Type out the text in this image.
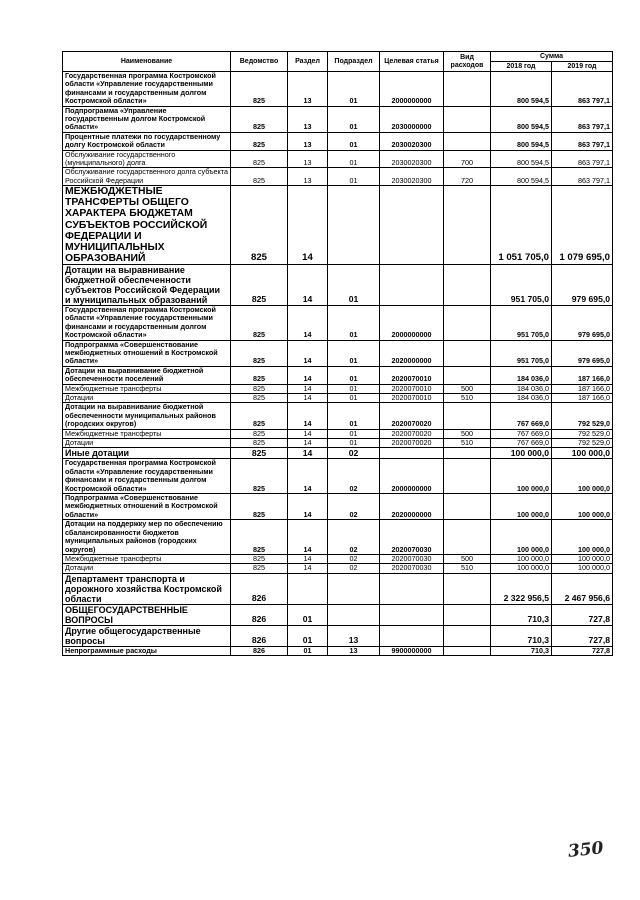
Наименование	Ведомство	Раздел	Подраздел	Целевая статья	Вид расходов	Сумма	
						2018 год	2019 год
Государственная программа Костромской области «Управление государственными финансами и государственным долгом Костромской области»	825	13	01	2000000000		800 594,5	863 797,1
Подпрограмма «Управление государственным долгом Костромской области»	825	13	01	2030000000		800 594,5	863 797,1
Процентные платежи по государственному долгу Костромской области	825	13	01	2030020300		800 594,5	863 797,1
Обслуживание государственного (муниципального) долга	825	13	01	2030020300	700	800 594,5	863 797,1
Обслуживание государственного долга субъекта Российской Федерации	825	13	01	2030020300	720	800 594,5	863 797,1
МЕЖБЮДЖЕТНЫЕ ТРАНСФЕРТЫ ОБЩЕГО ХАРАКТЕРА БЮДЖЕТАМ СУБЪЕКТОВ РОССИЙСКОЙ ФЕДЕРАЦИИ И МУНИЦИПАЛЬНЫХ ОБРАЗОВАНИЙ	825	14				1 051 705,0	1 079 695,0
Дотации на выравнивание бюджетной обеспеченности субъектов Российской Федерации и муниципальных образований	825	14	01			951 705,0	979 695,0
Государственная программа Костромской области «Управление государственными финансами и государственным долгом Костромской области»	825	14	01	2000000000		951 705,0	979 695,0
Подпрограмма «Совершенствование межбюджетных отношений в Костромской области»	825	14	01	2020000000		951 705,0	979 695,0
Дотации на выравнивание бюджетной обеспеченности поселений	825	14	01	2020070010		184 036,0	187 166,0
Межбюджетные трансферты	825	14	01	2020070010	500	184 036,0	187 166,0
Дотации	825	14	01	2020070010	510	184 036,0	187 166,0
Дотации на выравнивание бюджетной обеспеченности муниципальных районов (городских округов)	825	14	01	2020070020		767 669,0	792 529,0
Межбюджетные трансферты	825	14	01	2020070020	500	767 669,0	792 529,0
Дотации	825	14	01	2020070020	510	767 669,0	792 529,0
Иные дотации	825	14	02			100 000,0	100 000,0
Государственная программа Костромской области «Управление государственными финансами и государственным долгом Костромской области»	825	14	02	2000000000		100 000,0	100 000,0
Подпрограмма «Совершенствование межбюджетных отношений в Костромской области»	825	14	02	2020000000		100 000,0	100 000,0
Дотации на поддержку мер по обеспечению сбалансированности бюджетов муниципальных районов (городских округов)	825	14	02	2020070030		100 000,0	100 000,0
Межбюджетные трансферты	825	14	02	2020070030	500	100 000,0	100 000,0
Дотации	825	14	02	2020070030	510	100 000,0	100 000,0
Департамент транспорта и дорожного хозяйства Костромской области	826					2 322 956,5	2 467 956,6
ОБЩЕГОСУДАРСТВЕННЫЕ ВОПРОСЫ	826	01				710,3	727,8
Другие общегосударственные вопросы	826	01	13			710,3	727,8
Непрограммные расходы	826	01	13	9900000000		710,3	727,8
350
